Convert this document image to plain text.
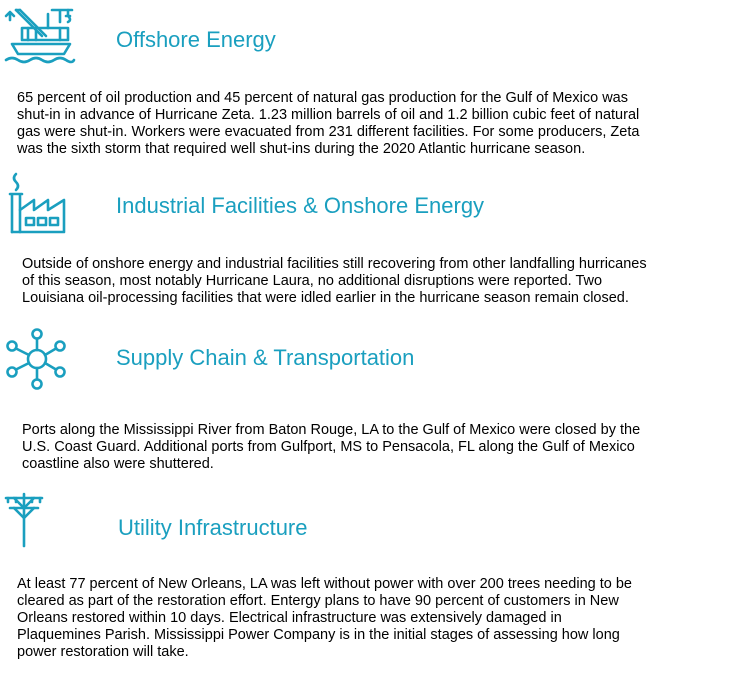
Offshore Energy
65 percent of oil production and 45 percent of natural gas production for the Gulf of Mexico was
shut-in in advance of Hurricane Zeta. 1.23 million barrels of oil and 1.2 billion cubic feet of natural
gas were shut-in. Workers were evacuated from 231 different facilities. For some producers, Zeta
was the sixth storm that required well shut-ins during the 2020 Atlantic hurricane season.
Industrial Facilities & Onshore Energy
Outside of onshore energy and industrial facilities still recovering from other landfalling hurricanes
of this season, most notably Hurricane Laura, no additional disruptions were reported. Two
Louisiana oil-processing facilities that were idled earlier in the hurricane season remain closed.
Supply Chain & Transportation
Ports along the Mississippi River from Baton Rouge, LA to the Gulf of Mexico were closed by the
U.S. Coast Guard. Additional ports from Gulfport, MS to Pensacola, FL along the Gulf of Mexico
coastline also were shuttered.
Utility Infrastructure
At least 77 percent of New Orleans, LA was left without power with over 200 trees needing to be
cleared as part of the restoration effort. Entergy plans to have 90 percent of customers in New
Orleans restored within 10 days. Electrical infrastructure was extensively damaged in
Plaquemines Parish. Mississippi Power Company is in the initial stages of assessing how long
power restoration will take.
